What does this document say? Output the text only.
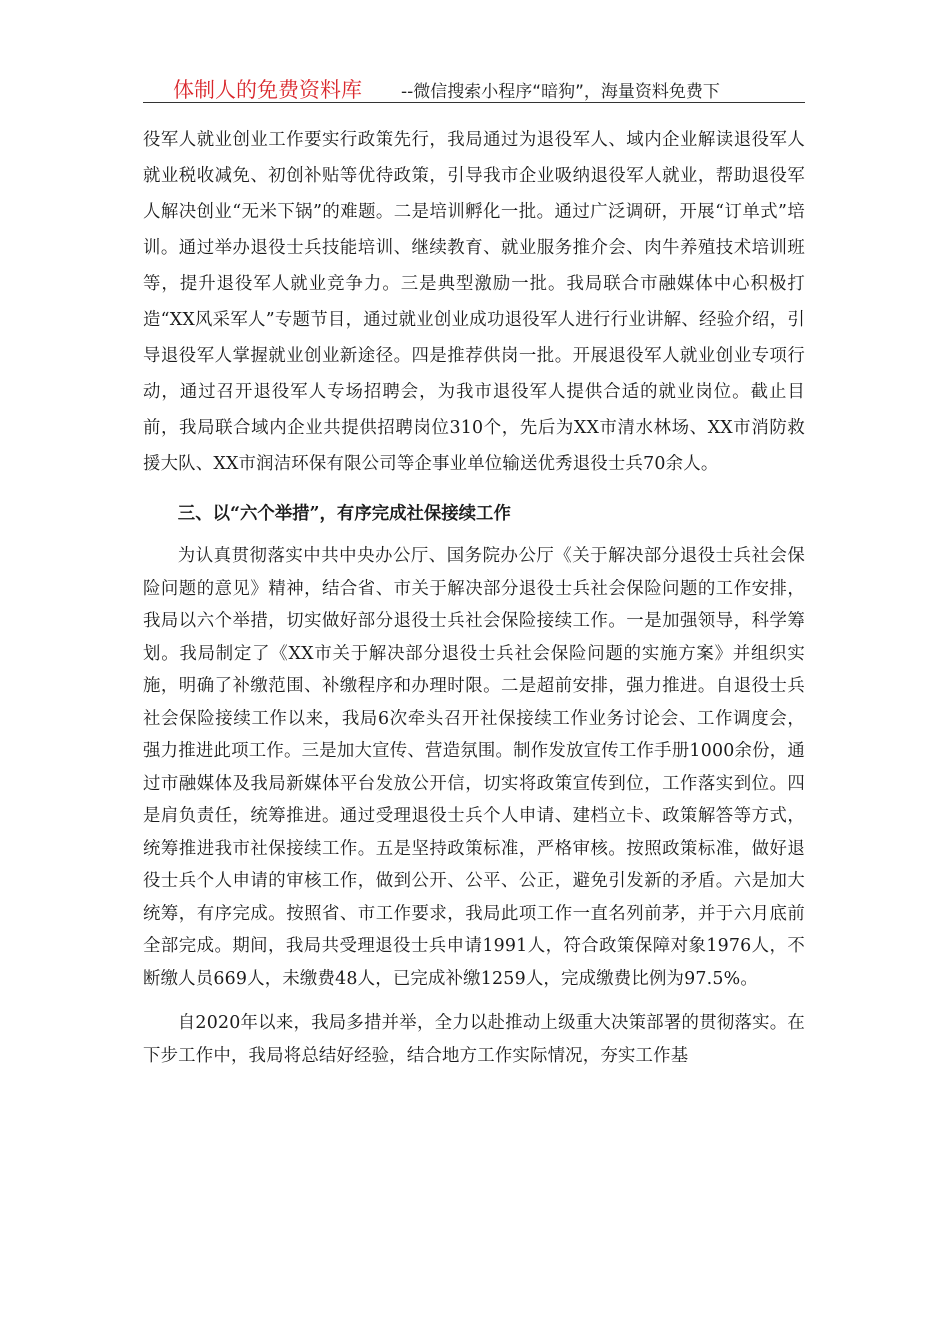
体制人的免费资料库 --微信搜索小程序“暗狗”，海量资料免费下

役军人就业创业工作要实行政策先行，我局通过为退役军人、域内企业解读退役军人就业税收减免、初创补贴等优待政策，引导我市企业吸纳退役军人就业，帮助退役军人解决创业“无米下锅”的难题。二是培训孵化一批。通过广泛调研，开展“订单式”培训。通过举办退役士兵技能培训、继续教育、就业服务推介会、肉牛养殖技术培训班等，提升退役军人就业竞争力。三是典型激励一批。我局联合市融媒体中心积极打造“XX风采军人”专题节目，通过就业创业成功退役军人进行行业讲解、经验介绍，引导退役军人掌握就业创业新途径。四是推荐供岗一批。开展退役军人就业创业专项行动，通过召开退役军人专场招聘会，为我市退役军人提供合适的就业岗位。截止目前，我局联合域内企业共提供招聘岗位310个，先后为XX市清水林场、XX市消防救援大队、XX市润洁环保有限公司等企事业单位输送优秀退役士兵70余人。

三、以“六个举措”，有序完成社保接续工作

为认真贯彻落实中共中央办公厅、国务院办公厅《关于解决部分退役士兵社会保险问题的意见》精神，结合省、市关于解决部分退役士兵社会保险问题的工作安排，我局以六个举措，切实做好部分退役士兵社会保险接续工作。一是加强领导，科学筹划。我局制定了《XX市关于解决部分退役士兵社会保险问题的实施方案》并组织实施，明确了补缴范围、补缴程序和办理时限。二是超前安排，强力推进。自退役士兵社会保险接续工作以来，我局6次牵头召开社保接续工作业务讨论会、工作调度会，强力推进此项工作。三是加大宣传、营造氛围。制作发放宣传工作手册1000余份，通过市融媒体及我局新媒体平台发放公开信，切实将政策宣传到位，工作落实到位。四是肩负责任，统筹推进。通过受理退役士兵个人申请、建档立卡、政策解答等方式，统筹推进我市社保接续工作。五是坚持政策标准，严格审核。按照政策标准，做好退役士兵个人申请的审核工作，做到公开、公平、公正，避免引发新的矛盾。六是加大统筹，有序完成。按照省、市工作要求，我局此项工作一直名列前茅，并于六月底前全部完成。期间，我局共受理退役士兵申请1991人，符合政策保障对象1976人，不断缴人员669人，未缴费48人，已完成补缴1259人，完成缴费比例为97.5%。

自2020年以来，我局多措并举，全力以赴推动上级重大决策部署的贯彻落实。在下步工作中，我局将总结好经验，结合地方工作实际情况，夯实工作基
